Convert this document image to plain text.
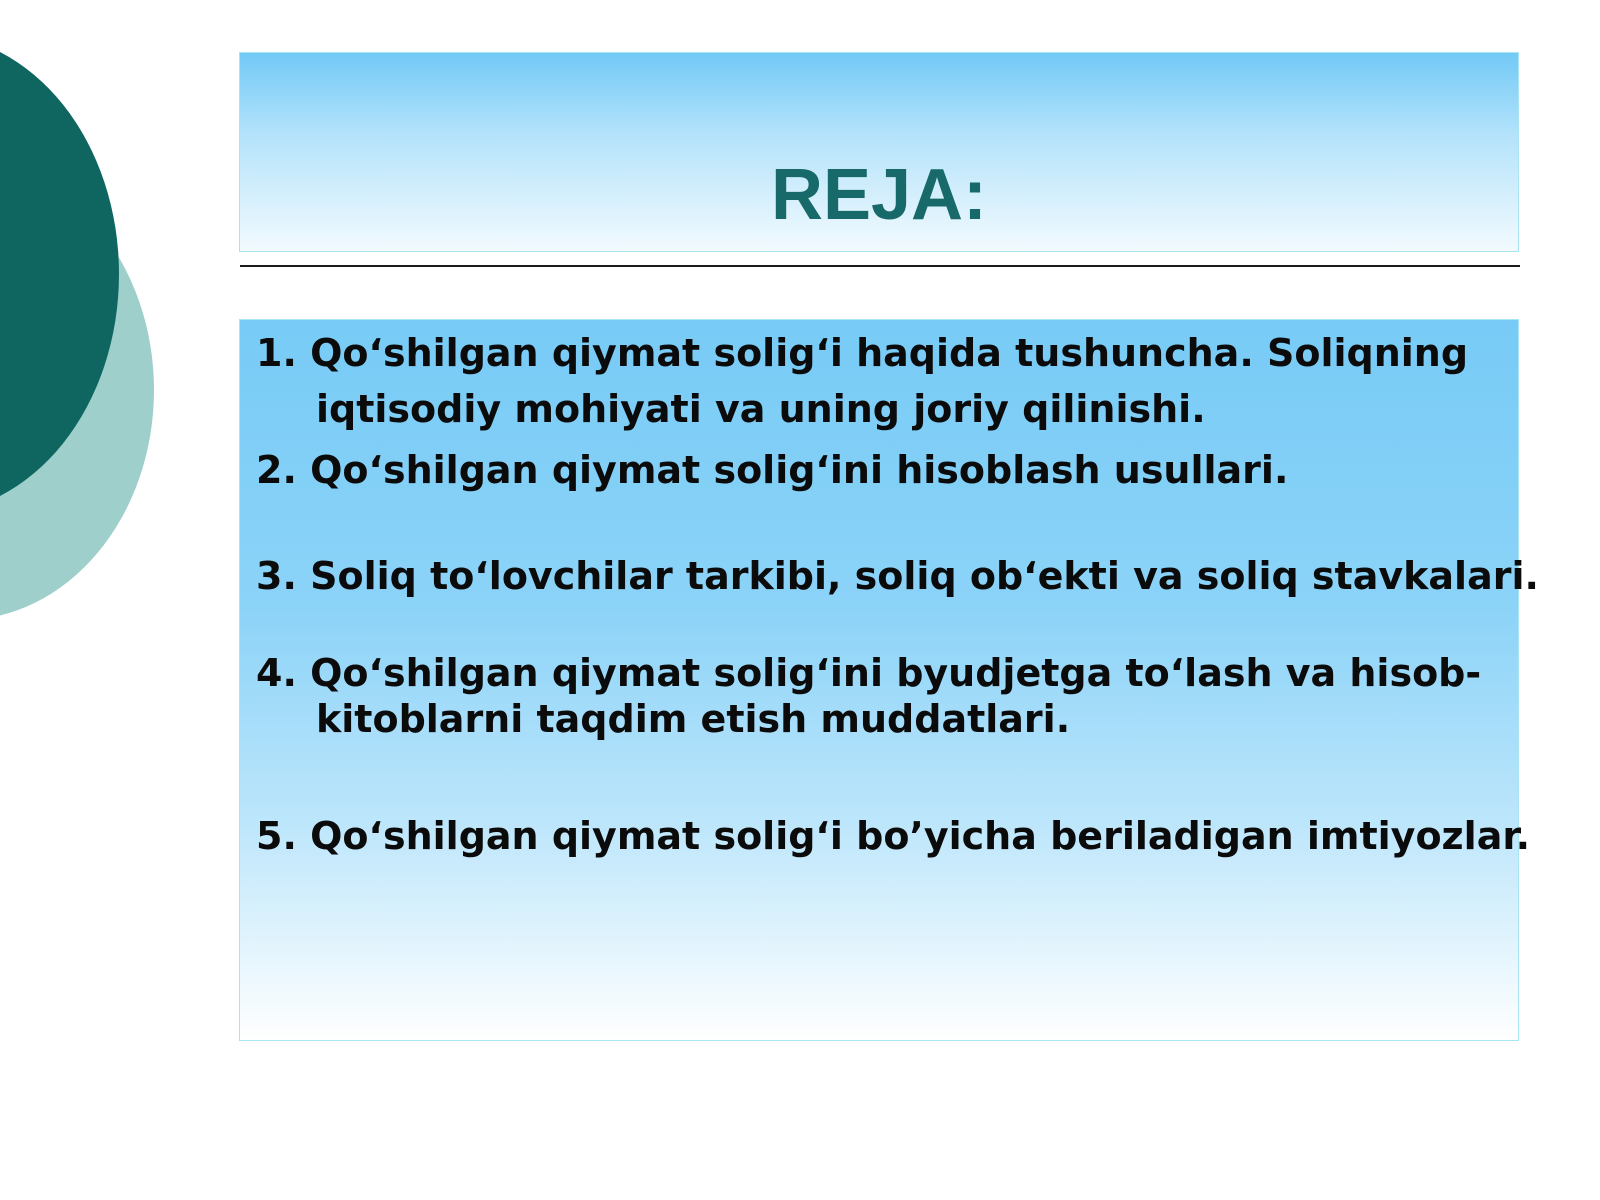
REJA:

1. Qo‘shilgan qiymat solig‘i haqida tushuncha. Soliqning
iqtisodiy mohiyati va uning joriy qilinishi.

2. Qo‘shilgan qiymat solig‘ini hisoblash usullari.

3. Soliq to‘lovchilar tarkibi, soliq ob‘ekti va soliq stavkalari.

4. Qo‘shilgan qiymat solig‘ini byudjetga to‘lash va hisob-
kitoblarni taqdim etish muddatlari.

5. Qo‘shilgan qiymat solig‘i bo’yicha beriladigan imtiyozlar.
